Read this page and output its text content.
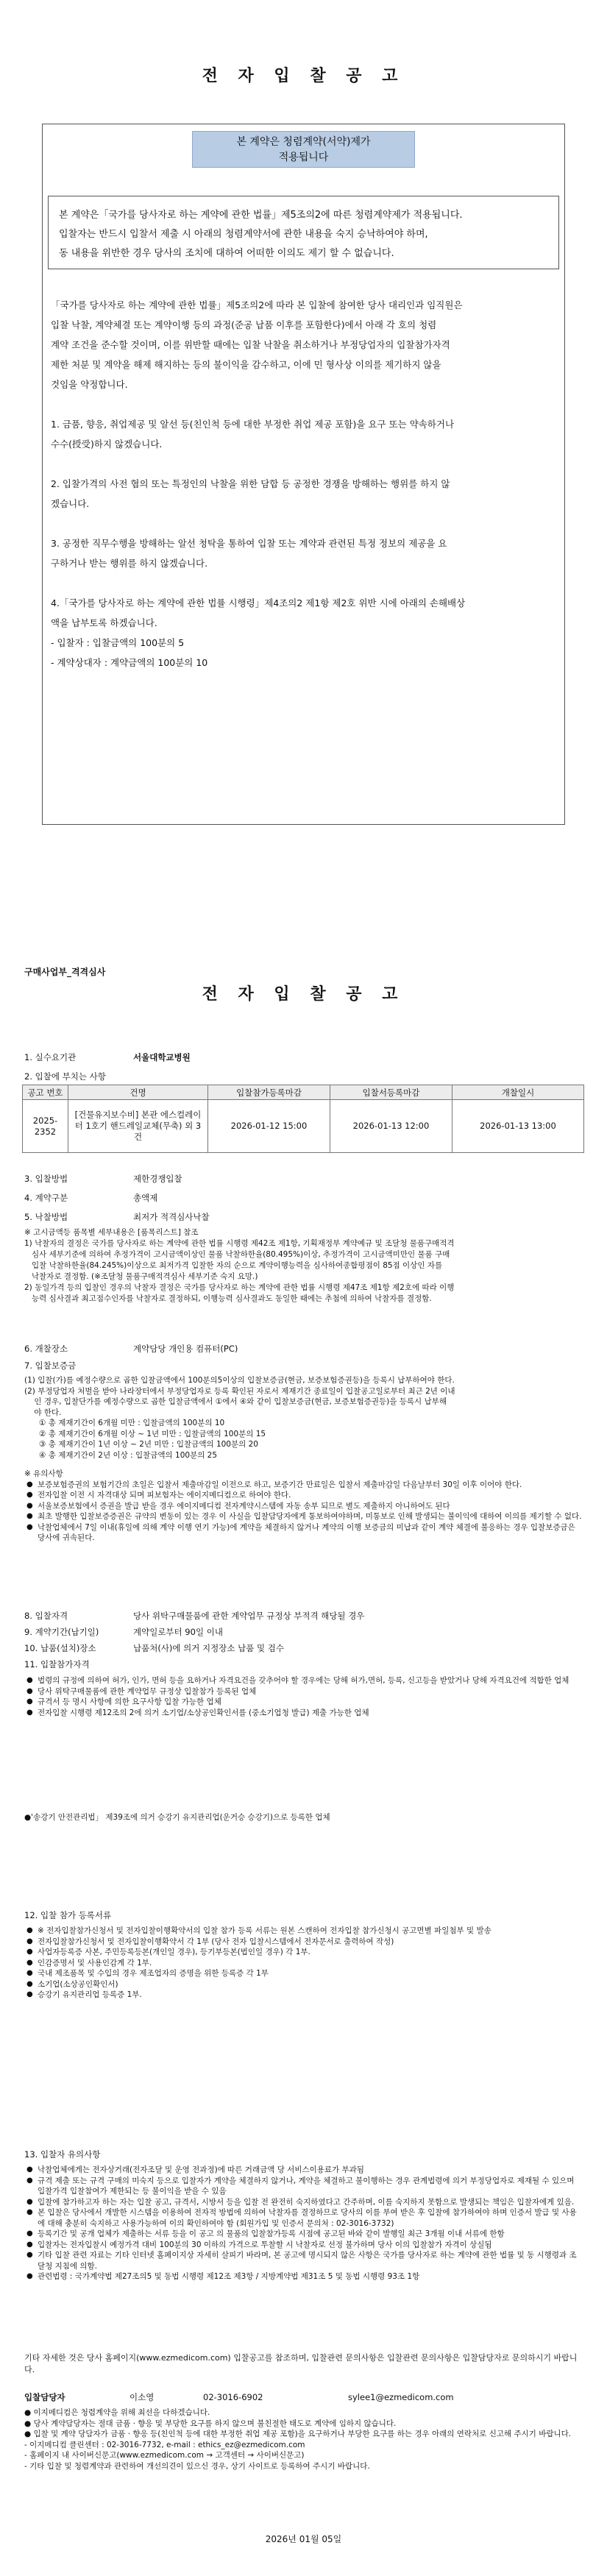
전 자 입 찰 공 고
본 계약은 청렴계약(서약)제가
적용됩니다

본 계약은「국가를 당사자로 하는 계약에 관한 법률」제5조의2에 따른 청렴계약제가 적용됩니다.

입찰자는 반드시 입찰서 제출 시 아래의 청렴계약서에 관한 내용을 숙지 승낙하여야 하며,

동 내용을 위반한 경우 당사의 조치에 대하여 어떠한 이의도 제기 할 수 없습니다.

「국가를 당사자로 하는 계약에 관한 법률」제5조의2에 따라 본 입찰에 참여한 당사 대리인과 임직원은

입찰 낙찰, 계약체결 또는 계약이행 등의 과정(준공 납품 이후를 포함한다)에서 아래 각 호의 청렴

계약 조건을 준수할 것이며, 이를 위반할 때에는 입찰 낙찰을 취소하거나 부정당업자의 입찰참가자격

제한 처분 및 계약을 해제 해지하는 등의 불이익을 감수하고, 이에 민 형사상 이의를 제기하지 않을

것임을 약정합니다.

1. 금품, 향응, 취업제공 및 알선 등(친인척 등에 대한 부정한 취업 제공 포함)을 요구 또는 약속하거나

수수(授受)하지 않겠습니다.

2. 입찰가격의 사전 협의 또는 특정인의 낙찰을 위한 담합 등 공정한 경쟁을 방해하는 행위를 하지 않

겠습니다.

3. 공정한 직무수행을 방해하는 알선 청탁을 통하여 입찰 또는 계약과 관련된 특정 정보의 제공을 요

구하거나 받는 행위를 하지 않겠습니다.

4.「국가를 당사자로 하는 계약에 관한 법률 시행령」제4조의2 제1항 제2호 위반 시에 아래의 손해배상

액을 납부토록 하겠습니다.

- 입찰자 : 입찰금액의 100분의 5

- 계약상대자 : 계약금액의 100분의 10

구매사업부_격격심사
전 자 입 찰 공 고
1. 실수요기관	서울대학교병원
2. 입찰에 부치는 사항
공고 번호	건명	입찰참가등록마감	입찰서등록마감	개찰일시
2025-2352	[건물유지보수비] 본관 에스컬레이터 1호기 핸드레일교체(무축) 외 3건	2026-01-12 15:00	2026-01-13 12:00	2026-01-13 13:00
3. 입찰방법	제한경쟁입찰
4. 계약구분	총액제
5. 낙찰방법	최저가 적격심사낙찰
※ 고시금액등 품목별 세부내용은 [품목리스트] 참조
1) 낙찰자의 결정은 국가를 당사자로 하는 계약에 관한 법률 시행령 제42조 제1항, 기획재정부 계약예규 및 조달청 물품구매적격
심사 세부기준에 의하여 추정가격이 고시금액이상인 물품 낙찰하한율(80.495%)이상, 추정가격이 고시금액미만인 물품 구매
입찰 낙찰하한율(84.245%)이상으로 최저가격 입찰한 자의 순으로 계약이행능력을 심사하여종합평점이 85점 이상인 자를
낙찰자로 결정함. (※조달청 물품구매적격심사 세부기준 숙지 요망.)
2) 동일가격 등의 입찰인 경우의 낙찰자 결정은 국가를 당사자로 하는 계약에 관한 법률 시행령 제47조 제1항 제2호에 따라 이행
능력 심사결과 최고점수인자를 낙찰자로 결정하되, 이행능력 심사결과도 동일한 때에는 추첨에 의하여 낙찰자를 결정함.
6. 개찰장소	계약담당 개인용 컴퓨터(PC)
7. 입찰보증금
(1) 입찰(가)를 예정수량으로 곱한 입찰금액에서 100분의5이상의 입찰보증금(현금, 보증보험증권등)을 등록시 납부하여야 한다.
(2) 부정당업자 처벌을 받아 나라장터에서 부정당업자로 등록 확인된 자로서 제재기간 종료일이 입찰공고일로부터 최근 2년 이내
인 경우, 입찰단가를 예정수량으로 곱한 입찰금액에서 ①에서 ④와 같이 입찰보증금(현금, 보증보험증권등)을 등록시 납부해
야 한다.
① 총 제재기간이 6개월 미만 : 입찰금액의 100분의 10
② 총 제재기간이 6개월 이상 ~ 1년 미만 : 입찰금액의 100분의 15
③ 총 제재기간이 1년 이상 ~ 2년 미만 : 입찰금액의 100분의 20
④ 총 제재기간이 2년 이상 : 입찰금액의 100분의 25
※ 유의사항
● 보증보험증권의 보험기간의 초일은 입찰서 제출마감일 이전으로 하고, 보증기간 만료일은 입찰서 제출마감일 다음날부터 30일 이후 이어야 한다.
● 전자입찰 이전 시 자격대상 되며 피보험자는 에이지메디컴으로 하여야 한다.
● 서울보증보험에서 증권을 발급 받을 경우 에이지메디컴 전자계약시스템에 자동 송부 되므로 별도 제출하지 아니하여도 된다
● 최초 발행한 입찰보증증권은 규약의 변동이 있는 경우 이 사실을 입찰담당자에게 통보하여야하며, 미통보로 인해 발생되는 불이익에 대하여 이의를 제기할 수 없다.
● 낙찰업체에서 7일 이내(휴일에 의해 계약 이행 연기 가능)에 계약을 체결하지 않거나 계약의 이행 보증금의 미납과 같이 계약 체결에 불응하는 경우 입찰보증금은 당사에 귀속된다.
8. 입찰자격	당사 위탁구매물품에 관한 계약업무 규정상 부적격 해당될 경우
9. 계약기간(납기일)	계약일로부터 90일 이내
10. 납품(설치)장소	납품처(사)에 의거 지정장소 납품 및 검수
11. 입찰참가자격
● 법령의 규정에 의하여 허가, 인가, 면허 등을 요하거나 자격요건을 갖추어야 할 경우에는 당해 허가,면허, 등록, 신고등을 받았거나 당해 자격요건에 적합한 업체
● 당사 위탁구매물품에 관한 계약업무 규정상 입찰참가 등록된 업체
● 규격서 등 명시 사항에 의한 요구사항 입찰 가능한 업체
● 전자입찰 시행령 제12조의 2에 의거 소기업/소상공인확인서를 (중소기업청 발급) 제출 가능한 업체
●'송강기 안전관리법」 제39조에 의거 승강기 유지관리업(운거승 승강기)으로 등록한 업체
12. 입찰 참가 등록서류
● ※ 전자입찰참가신청서 및 전자입찰이행확약서의 입찰 참가 등록 서류는 원본 스캔하여 전자입찰 참가신청시 공고면별 파일첨부 및 발송
● 전자입찰참가신청서 및 전자입찰이행확약서 각 1부 (당사 전자 입찰시스템에서 전자문서로 출력하여 작성)
● 사업자등록증 사본, 주민등록등본(개인일 경우), 등기부등본(법인일 경우) 각 1부.
● 인감증명서 및 사용인감계 각 1부.
● 국내 제조품목 및 수입의 경우 제조업자의 증명을 위한 등록증 각 1부
● 소기업(소상공인확인서)
● 승강기 유지관리업 등록증 1부.
13. 입찰자 유의사항
● 낙찰업체에게는 전자상거래(전자조달 및 운영 전과정)에 따른 거래금액 당 서비스이용료가 부과됨
● 규격 제출 또는 규격 구매의 미숙지 등으로 입찰자가 계약을 체결하지 않거나, 계약을 체결하고 불이행하는 경우 관계법령에 의거 부정당업자로 제재될 수 있으며 입찰가격 입찰참여가 제한되는 등 불이익을 받을 수 있음
● 입찰에 참가하고자 하는 자는 입찰 공고, 규격서, 시방서 등을 입찰 전 완전히 숙지하였다고 간주하며, 이를 숙지하지 못함으로 발생되는 책임은 입찰자에게 있음.
● 본 입찰은 당사에서 개발한 시스템을 이용하여 전자적 방법에 의하여 낙찰자를 결정하므로 당사의 이를 부여 받은 후 입찰에 참가하여야 하며 인증서 발급 및 사용에 대해 충분히 숙지하고 사용가능하여 이의 확인하여야 함 (회원가입 및 인증서 문의처 : 02-3016-3732)
● 등록기간 및 공개 업체가 제출하는 서류 등을 이 공고 의 물품의 입찰참가등록 시점에 공고된 바와 같이 발행일 최근 3개월 이내 서류에 한함
● 입찰자는 전자입찰시 예정가격 대비 100분의 30 이하의 가격으로 투찰할 시 낙찰자로 선정 불가하며 당사 이의 입찰참가 자격이 상실됨
● 기타 입찰 관련 자료는 기타 인터넷 홈페이지상 자세히 살피기 바라며, 본 공고에 명시되지 않은 사항은 국가를 당사자로 하는 계약에 관한 법률 및 동 시행령과 조달청 지침에 의함.
● 관련법령 : 국가계약법 제27조의5 및 동법 시행령 제12조 제3항 / 지방계약법 제31조 5 및 동법 시행령 93조 1항
기타 자세한 것은 당사 홈페이지(www.ezmedicom.com) 입찰공고를 참조하며, 입찰관련 문의사항은 입찰관련 문의사항은 입찰담당자로 문의하시기 바랍니다.
입찰담당자	이소영	02-3016-6902	sylee1@ezmedicom.com
● 이지메디컴은 청렴계약을 위해 최선을 다하겠습니다.
● 당사 계약담당자는 절대 금품 · 향응 및 부당한 요구를 하지 않으며 불친절한 태도로 계약에 임하지 않습니다.
● 입찰 및 계약 당담자가 금품 · 향응 등(친인척 등에 대한 부정한 취업 제공 포함)을 요구하거나 부당한 요구를 하는 경우 아래의 연락처로 신고해 주시기 바랍니다.
- 이지메디컴 클린센터 : 02-3016-7732, e-mail : ethics_ez@ezmedicom.com
- 홈페이지 내 사이버신문고(www.ezmedicom.com → 고객센터 → 사이버신문고)
- 기타 입찰 및 청렴계약과 관련하여 개선의견이 있으신 경우, 상기 사이트로 등록하여 주시기 바랍니다.
2026년 01월 05일
